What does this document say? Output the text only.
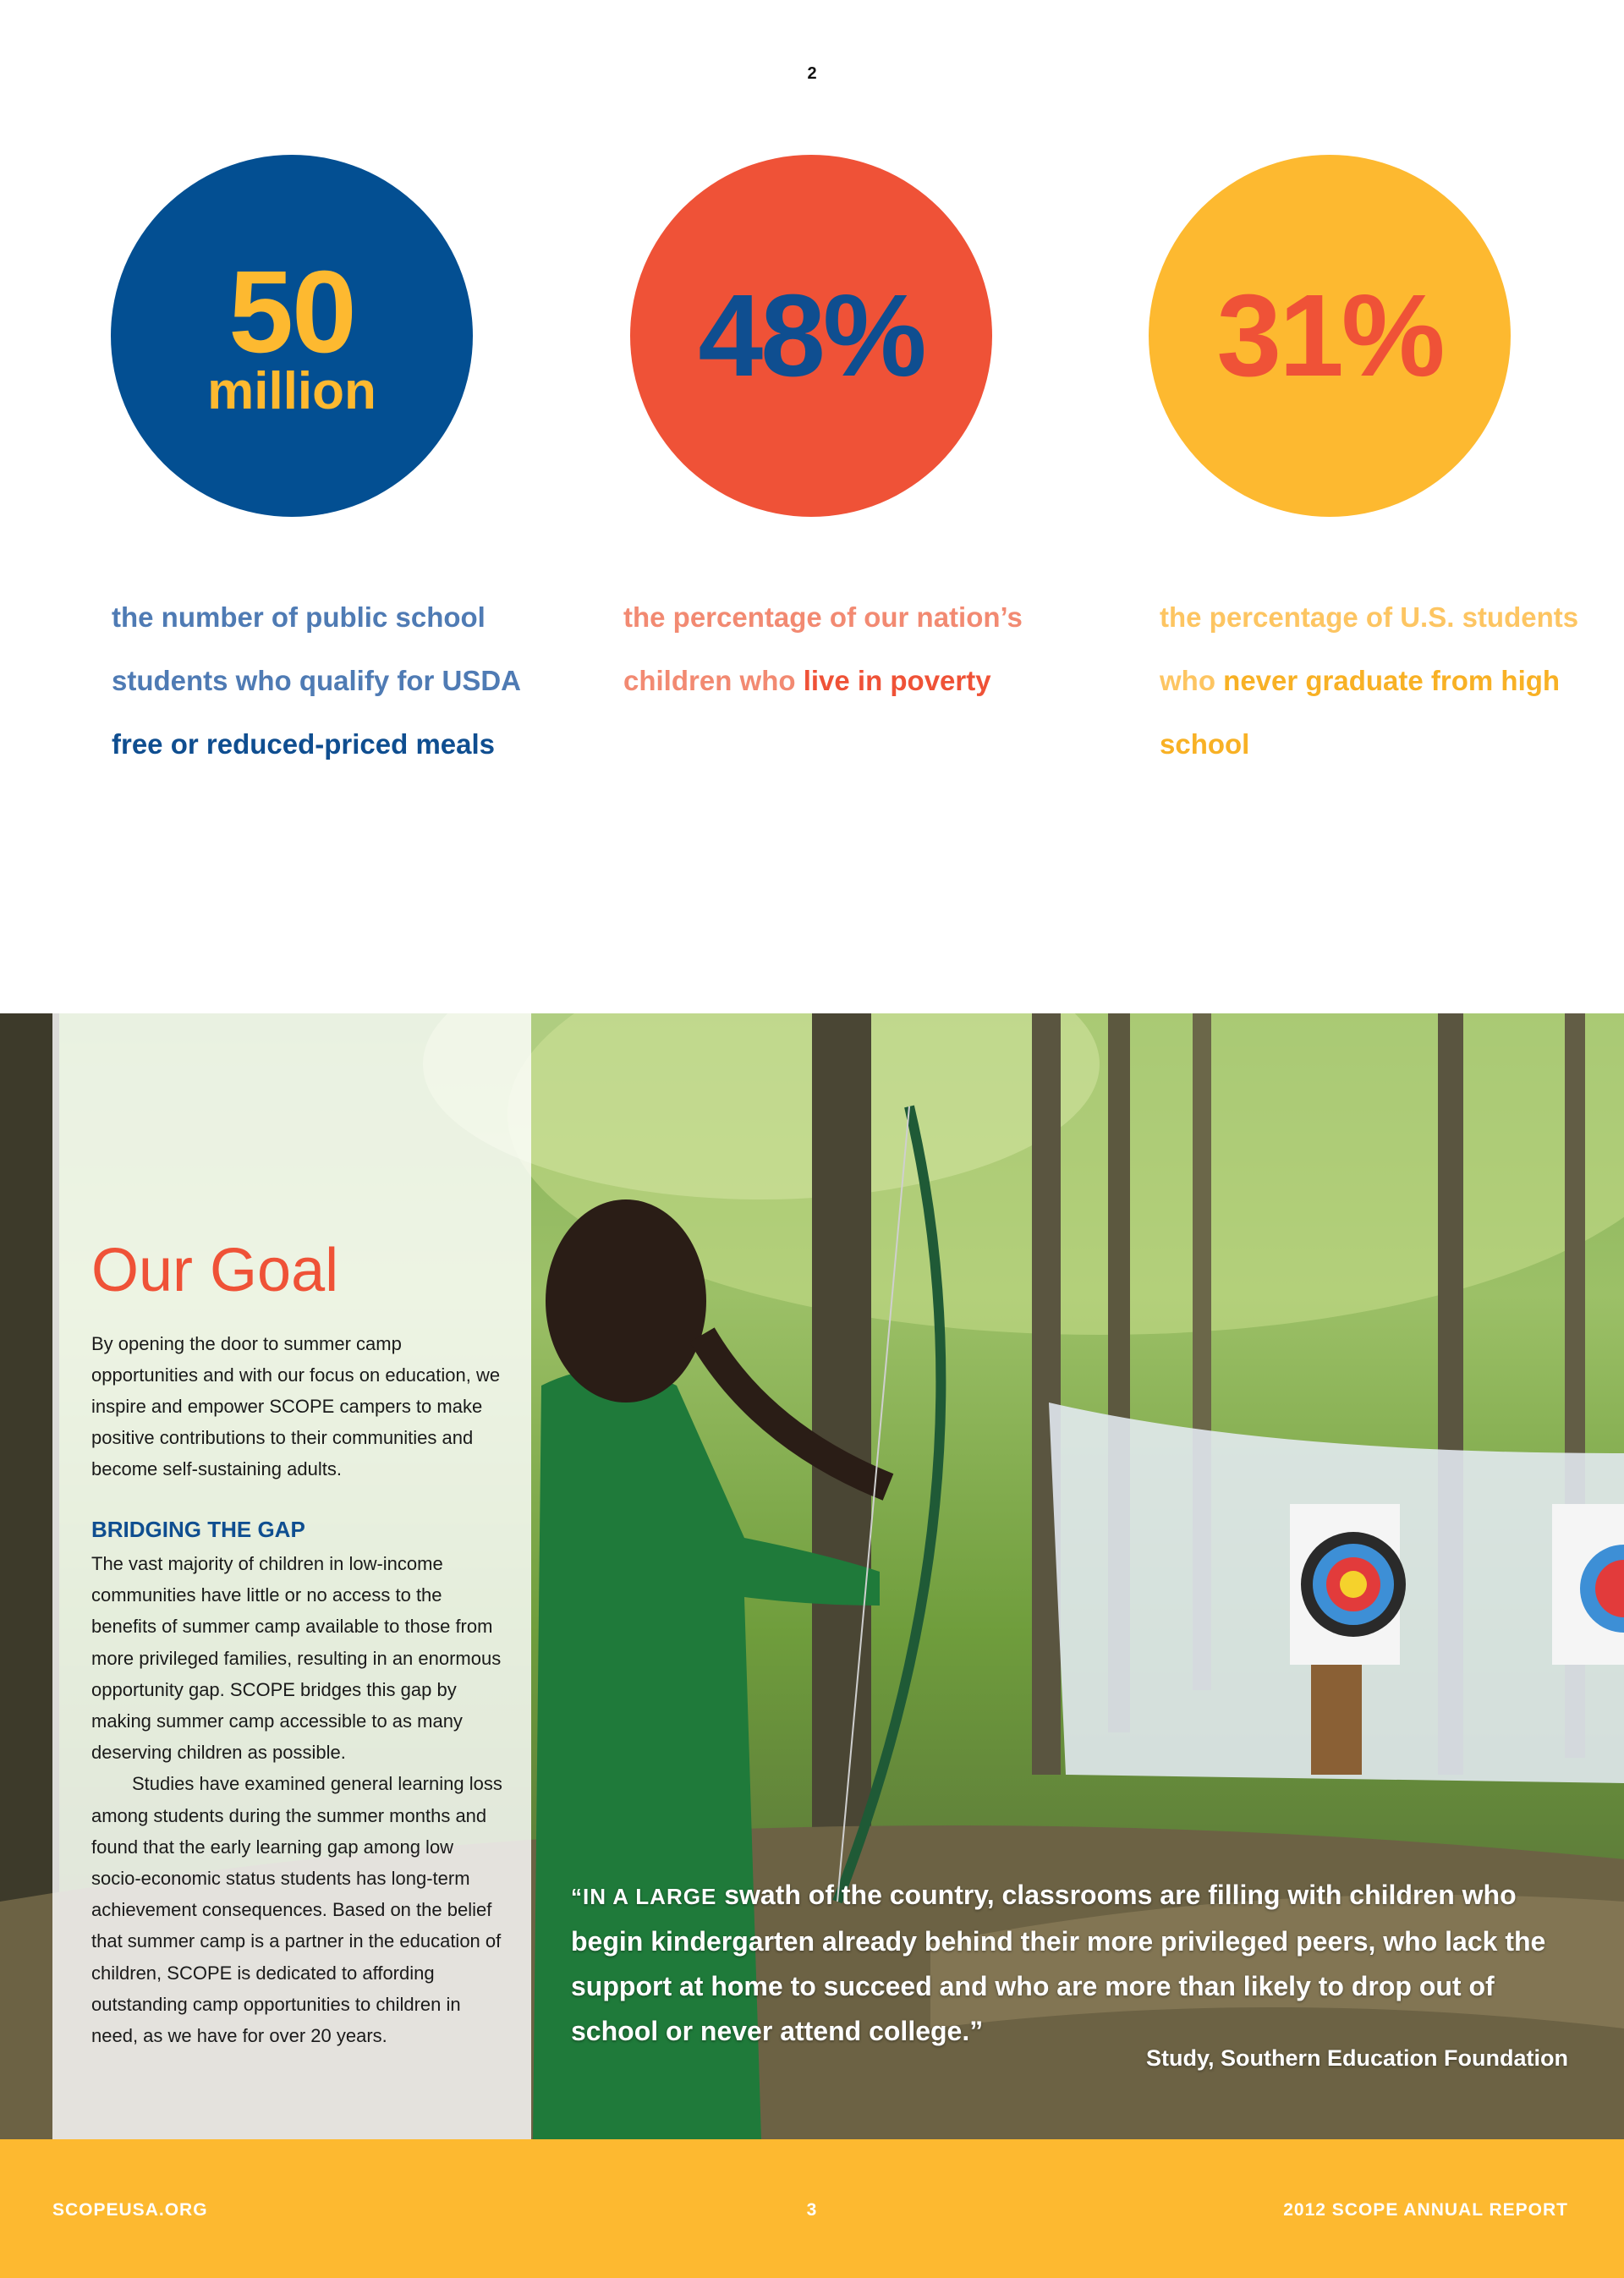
2
50
million	48%	31%
the number of public school students who qualify for USDA free or reduced-priced meals
the percentage of our nation’s children who live in poverty
the percentage of U.S. students who never graduate from high school
Our Goal

By opening the door to summer camp opportunities and with our focus on education, we inspire and empower SCOPE campers to make positive contributions to their communities and become self-sustaining adults.

BRIDGING THE GAP

The vast majority of children in low-income communities have little or no access to the benefits of summer camp available to those from more privileged families, resulting in an enormous opportunity gap. SCOPE bridges this gap by making summer camp accessible to as many deserving children as possible.

Studies have examined general learning loss among students during the summer months and found that the early learning gap among low socio-economic status students has long-term achievement consequences. Based on the belief that summer camp is a partner in the education of children, SCOPE is dedicated to affording outstanding camp opportunities to children in need, as we have for over 20 years.

“IN A LARGE swath of the country, classrooms are filling with children who begin kindergarten already behind their more privileged peers, who lack the support at home to succeed and who are more than likely to drop out of school or never attend college.”
Study, Southern Education Foundation
SCOPEUSA.ORG	3	2012 SCOPE ANNUAL REPORT
